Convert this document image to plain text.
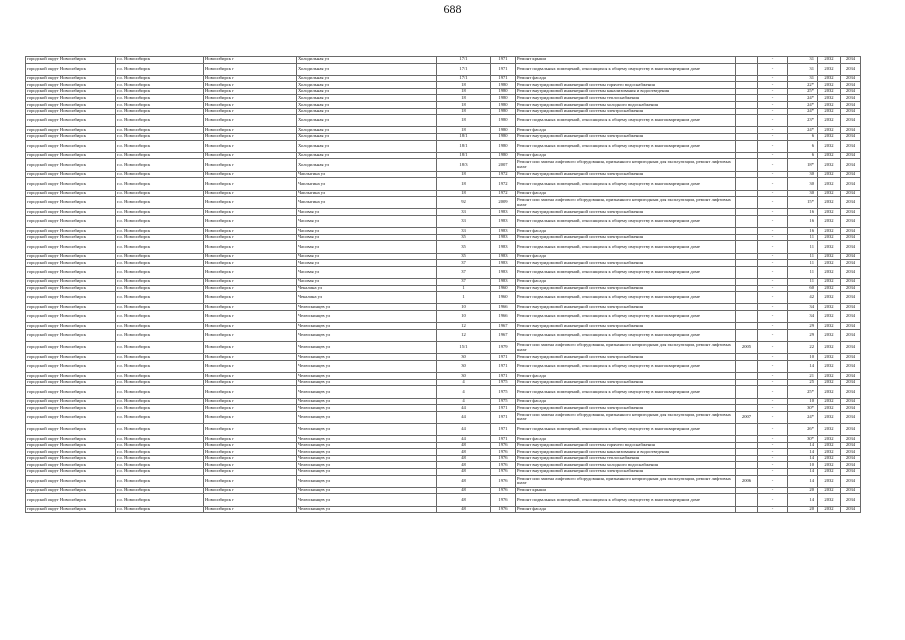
688
городской округ Новосибирск	г.о. Новосибирск	Новосибирск г	Холодильная ул	17/1	1971	Ремонт крыши		-	31	2032	2034
городской округ Новосибирск	г.о. Новосибирск	Новосибирск г	Холодильная ул	17/1	1971	Ремонт подвальных помещений, относящихся к общему имуществу в многоквартирном доме		-	31	2032	2034
городской округ Новосибирск	г.о. Новосибирск	Новосибирск г	Холодильная ул	17/1	1971	Ремонт фасада		-	31	2032	2034
городской округ Новосибирск	г.о. Новосибирск	Новосибирск г	Холодильная ул	18	1980	Ремонт внутридомовой инженерной системы горячего водоснабжения		-	22*	2032	2034
городской округ Новосибирск	г.о. Новосибирск	Новосибирск г	Холодильная ул	18	1980	Ремонт внутридомовой инженерной системы канализования и водоотведения		-	25*	2032	2034
городской округ Новосибирск	г.о. Новосибирск	Новосибирск г	Холодильная ул	18	1980	Ремонт внутридомовой инженерной системы теплоснабжения		-	24*	2032	2034
городской округ Новосибирск	г.о. Новосибирск	Новосибирск г	Холодильная ул	18	1980	Ремонт внутридомовой инженерной системы холодного водоснабжения		-	24*	2032	2034
городской округ Новосибирск	г.о. Новосибирск	Новосибирск г	Холодильная ул	18	1980	Ремонт внутридомовой инженерной системы электроснабжения		-	24*	2032	2034
городской округ Новосибирск	г.о. Новосибирск	Новосибирск г	Холодильная ул	18	1980	Ремонт подвальных помещений, относящихся к общему имуществу в многоквартирном доме		-	23*	2032	2034
городской округ Новосибирск	г.о. Новосибирск	Новосибирск г	Холодильная ул	18	1980	Ремонт фасада		-	24*	2032	2034
городской округ Новосибирск	г.о. Новосибирск	Новосибирск г	Холодильная ул	18/1	1980	Ремонт внутридомовой инженерной системы электроснабжения		-	6	2032	2034
городской округ Новосибирск	г.о. Новосибирск	Новосибирск г	Холодильная ул	18/1	1980	Ремонт подвальных помещений, относящихся к общему имуществу в многоквартирном доме		-	6	2032	2034
городской округ Новосибирск	г.о. Новосибирск	Новосибирск г	Холодильная ул	18/1	1980	Ремонт фасада		-	6	2032	2034
городской округ Новосибирск	г.о. Новосибирск	Новосибирск г	Холодильная ул	18/3	2007	Ремонт или замена лифтового оборудования, признанного непригодным для эксплуатации, ремонт лифтовых шахт		-	18*	2032	2034
городской округ Новосибирск	г.о. Новосибирск	Новосибирск г	Чаплыгина ул	18	1972	Ремонт внутридомовой инженерной системы электроснабжения		-	30	2032	2034
городской округ Новосибирск	г.о. Новосибирск	Новосибирск г	Чаплыгина ул	18	1972	Ремонт подвальных помещений, относящихся к общему имуществу в многоквартирном доме		-	30	2032	2034
городской округ Новосибирск	г.о. Новосибирск	Новосибирск г	Чаплыгина ул	18	1972	Ремонт фасада		-	30	2032	2034
городской округ Новосибирск	г.о. Новосибирск	Новосибирск г	Чаплыгина ул	92	2009	Ремонт или замена лифтового оборудования, признанного непригодным для эксплуатации, ремонт лифтовых шахт		-	15*	2032	2034
городской округ Новосибирск	г.о. Новосибирск	Новосибирск г	Часовая ул	33	1983	Ремонт внутридомовой инженерной системы электроснабжения		-	16	2032	2034
городской округ Новосибирск	г.о. Новосибирск	Новосибирск г	Часовая ул	33	1983	Ремонт подвальных помещений, относящихся к общему имуществу в многоквартирном доме		-	16	2032	2034
городской округ Новосибирск	г.о. Новосибирск	Новосибирск г	Часовая ул	33	1983	Ремонт фасада		-	16	2032	2034
городской округ Новосибирск	г.о. Новосибирск	Новосибирск г	Часовая ул	35	1983	Ремонт внутридомовой инженерной системы электроснабжения		-	11	2032	2034
городской округ Новосибирск	г.о. Новосибирск	Новосибирск г	Часовая ул	35	1983	Ремонт подвальных помещений, относящихся к общему имуществу в многоквартирном доме		-	11	2032	2034
городской округ Новосибирск	г.о. Новосибирск	Новосибирск г	Часовая ул	35	1983	Ремонт фасада		-	11	2032	2034
городской округ Новосибирск	г.о. Новосибирск	Новосибирск г	Часовая ул	37	1983	Ремонт внутридомовой инженерной системы электроснабжения		-	11	2032	2034
городской округ Новосибирск	г.о. Новосибирск	Новосибирск г	Часовая ул	37	1983	Ремонт подвальных помещений, относящихся к общему имуществу в многоквартирном доме		-	11	2032	2034
городской округ Новосибирск	г.о. Новосибирск	Новосибирск г	Часовая ул	37	1983	Ремонт фасада		-	11	2032	2034
городской округ Новосибирск	г.о. Новосибирск	Новосибирск г	Чекалина ул	1	1960	Ремонт внутридомовой инженерной системы электроснабжения		-	60	2032	2034
городской округ Новосибирск	г.о. Новосибирск	Новосибирск г	Чекалина ул	1	1960	Ремонт подвальных помещений, относящихся к общему имуществу в многоквартирном доме		-	42	2032	2034
городской округ Новосибирск	г.о. Новосибирск	Новосибирск г	Челюскинцев ул	10	1966	Ремонт внутридомовой инженерной системы электроснабжения		-	34	2032	2034
городской округ Новосибирск	г.о. Новосибирск	Новосибирск г	Челюскинцев ул	10	1966	Ремонт подвальных помещений, относящихся к общему имуществу в многоквартирном доме		-	34	2032	2034
городской округ Новосибирск	г.о. Новосибирск	Новосибирск г	Челюскинцев ул	12	1967	Ремонт внутридомовой инженерной системы электроснабжения		-	29	2032	2034
городской округ Новосибирск	г.о. Новосибирск	Новосибирск г	Челюскинцев ул	12	1967	Ремонт подвальных помещений, относящихся к общему имуществу в многоквартирном доме		-	29	2032	2034
городской округ Новосибирск	г.о. Новосибирск	Новосибирск г	Челюскинцев ул	15/1	1979	Ремонт или замена лифтового оборудования, признанного непригодным для эксплуатации, ремонт лифтовых шахт	2005	-	22	2032	2034
городской округ Новосибирск	г.о. Новосибирск	Новосибирск г	Челюскинцев ул	30	1971	Ремонт внутридомовой инженерной системы электроснабжения		-	10	2032	2034
городской округ Новосибирск	г.о. Новосибирск	Новосибирск г	Челюскинцев ул	30	1971	Ремонт подвальных помещений, относящихся к общему имуществу в многоквартирном доме		-	14	2032	2034
городской округ Новосибирск	г.о. Новосибирск	Новосибирск г	Челюскинцев ул	30	1971	Ремонт фасада		-	21	2032	2034
городской округ Новосибирск	г.о. Новосибирск	Новосибирск г	Челюскинцев ул	4	1975	Ремонт внутридомовой инженерной системы электроснабжения		-	25	2032	2034
городской округ Новосибирск	г.о. Новосибирск	Новосибирск г	Челюскинцев ул	4	1975	Ремонт подвальных помещений, относящихся к общему имуществу в многоквартирном доме		-	25*	2032	2034
городской округ Новосибирск	г.о. Новосибирск	Новосибирск г	Челюскинцев ул	4	1975	Ремонт фасада		-	10	2032	2034
городской округ Новосибирск	г.о. Новосибирск	Новосибирск г	Челюскинцев ул	44	1971	Ремонт внутридомовой инженерной системы электроснабжения		-	30*	2032	2034
городской округ Новосибирск	г.о. Новосибирск	Новосибирск г	Челюскинцев ул	44	1971	Ремонт или замена лифтового оборудования, признанного непригодным для эксплуатации, ремонт лифтовых шахт	2007	-	24*	2032	2034
городской округ Новосибирск	г.о. Новосибирск	Новосибирск г	Челюскинцев ул	44	1971	Ремонт подвальных помещений, относящихся к общему имуществу в многоквартирном доме		-	26*	2032	2034
городской округ Новосибирск	г.о. Новосибирск	Новосибирск г	Челюскинцев ул	44	1971	Ремонт фасада		-	30*	2032	2034
городской округ Новосибирск	г.о. Новосибирск	Новосибирск г	Челюскинцев ул	48	1976	Ремонт внутридомовой инженерной системы горячего водоснабжения		-	14	2032	2034
городской округ Новосибирск	г.о. Новосибирск	Новосибирск г	Челюскинцев ул	48	1976	Ремонт внутридомовой инженерной системы канализования и водоотведения		-	14	2032	2034
городской округ Новосибирск	г.о. Новосибирск	Новосибирск г	Челюскинцев ул	48	1976	Ремонт внутридомовой инженерной системы теплоснабжения		-	14	2032	2034
городской округ Новосибирск	г.о. Новосибирск	Новосибирск г	Челюскинцев ул	48	1976	Ремонт внутридомовой инженерной системы холодного водоснабжения		-	10	2032	2034
городской округ Новосибирск	г.о. Новосибирск	Новосибирск г	Челюскинцев ул	48	1976	Ремонт внутридомовой инженерной системы электроснабжения		-	14	2032	2034
городской округ Новосибирск	г.о. Новосибирск	Новосибирск г	Челюскинцев ул	48	1976	Ремонт или замена лифтового оборудования, признанного непригодным для эксплуатации, ремонт лифтовых шахт	2006	-	14	2032	2034
городской округ Новосибирск	г.о. Новосибирск	Новосибирск г	Челюскинцев ул	48	1976	Ремонт крыши		-	20	2032	2034
городской округ Новосибирск	г.о. Новосибирск	Новосибирск г	Челюскинцев ул	48	1976	Ремонт подвальных помещений, относящихся к общему имуществу в многоквартирном доме		-	14	2032	2034
городской округ Новосибирск	г.о. Новосибирск	Новосибирск г	Челюскинцев ул	48	1976	Ремонт фасада		-	20	2032	2034
